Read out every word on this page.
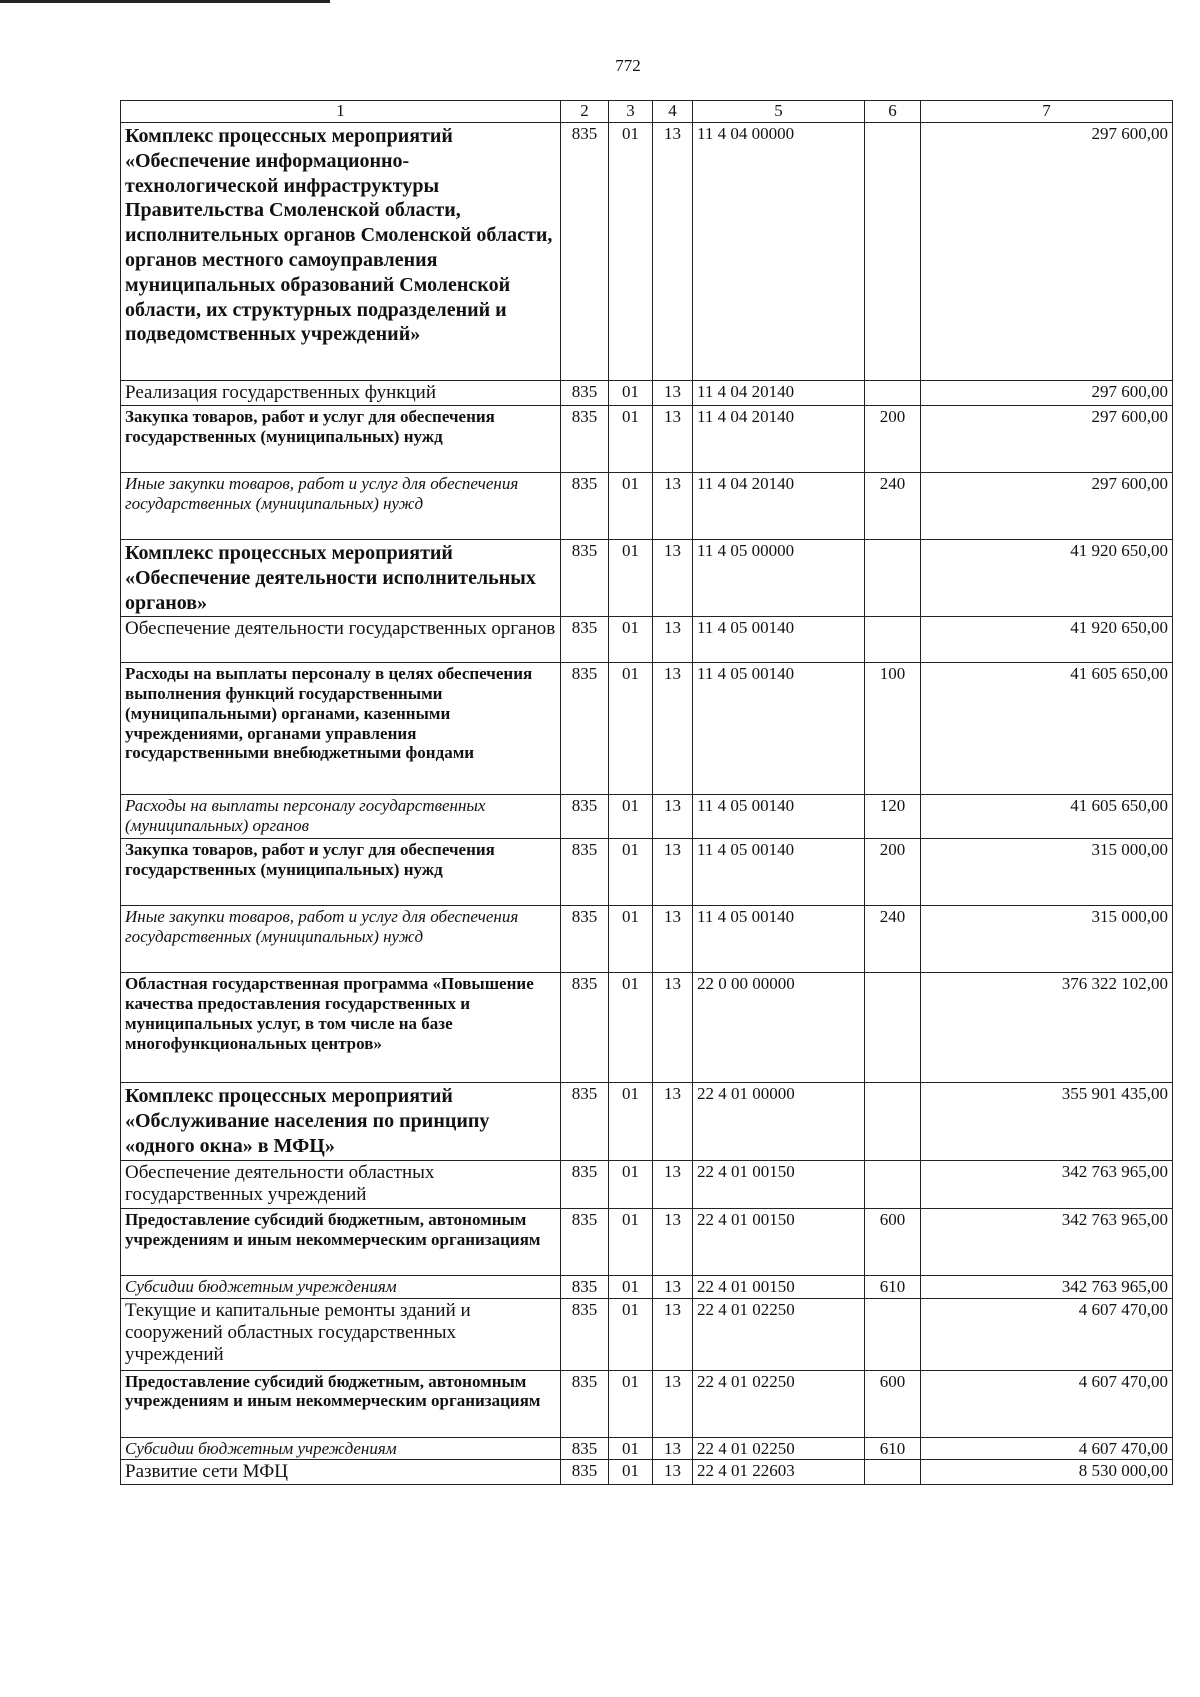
772
1	2	3	4	5	6	7
Комплекс процессных мероприятий «Обеспечение информационно-технологической инфраструктуры Правительства Смоленской области, исполнительных органов Смоленской области, органов местного самоуправления муниципальных образований Смоленской области, их структурных подразделений и подведомственных учреждений»	835	01	13	11 4 04 00000		297 600,00
Реализация государственных функций	835	01	13	11 4 04 20140		297 600,00
Закупка товаров, работ и услуг для обеспечения государственных (муниципальных) нужд	835	01	13	11 4 04 20140	200	297 600,00
Иные закупки товаров, работ и услуг для обеспечения государственных (муниципальных) нужд	835	01	13	11 4 04 20140	240	297 600,00
Комплекс процессных мероприятий «Обеспечение деятельности исполнительных органов»	835	01	13	11 4 05 00000		41 920 650,00
Обеспечение деятельности государственных органов	835	01	13	11 4 05 00140		41 920 650,00
Расходы на выплаты персоналу в целях обеспечения выполнения функций государственными (муниципальными) органами, казенными учреждениями, органами управления государственными внебюджетными фондами	835	01	13	11 4 05 00140	100	41 605 650,00
Расходы на выплаты персоналу государственных (муниципальных) органов	835	01	13	11 4 05 00140	120	41 605 650,00
Закупка товаров, работ и услуг для обеспечения государственных (муниципальных) нужд	835	01	13	11 4 05 00140	200	315 000,00
Иные закупки товаров, работ и услуг для обеспечения государственных (муниципальных) нужд	835	01	13	11 4 05 00140	240	315 000,00
Областная государственная программа «Повышение качества предоставления государственных и муниципальных услуг, в том числе на базе многофункциональных центров»	835	01	13	22 0 00 00000		376 322 102,00
Комплекс процессных мероприятий «Обслуживание населения по принципу «одного окна» в МФЦ»	835	01	13	22 4 01 00000		355 901 435,00
Обеспечение деятельности областных государственных учреждений	835	01	13	22 4 01 00150		342 763 965,00
Предоставление субсидий бюджетным, автономным учреждениям и иным некоммерческим организациям	835	01	13	22 4 01 00150	600	342 763 965,00
Субсидии бюджетным учреждениям	835	01	13	22 4 01 00150	610	342 763 965,00
Текущие и капитальные ремонты зданий и сооружений областных государственных учреждений	835	01	13	22 4 01 02250		4 607 470,00
Предоставление субсидий бюджетным, автономным учреждениям и иным некоммерческим организациям	835	01	13	22 4 01 02250	600	4 607 470,00
Субсидии бюджетным учреждениям	835	01	13	22 4 01 02250	610	4 607 470,00
Развитие сети МФЦ	835	01	13	22 4 01 22603		8 530 000,00
